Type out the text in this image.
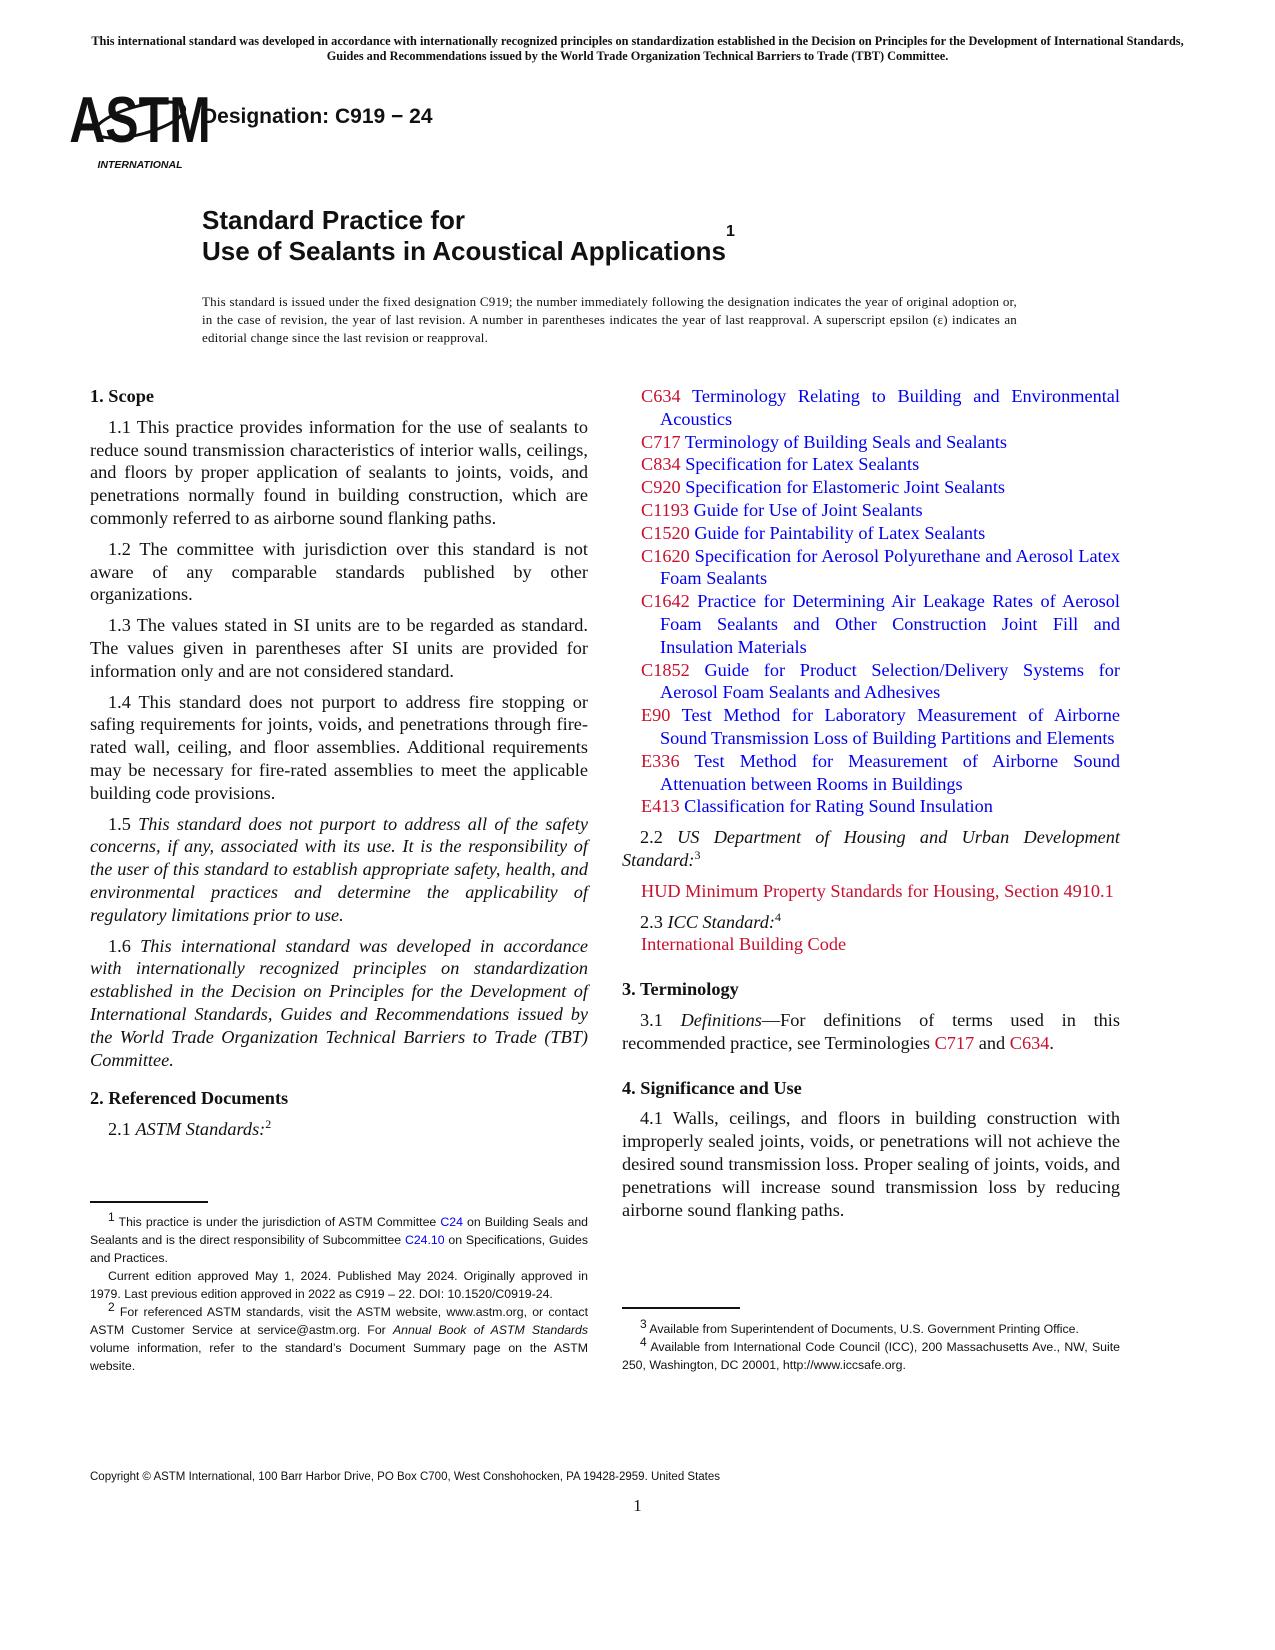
This international standard was developed in accordance with internationally recognized principles on standardization established in the Decision on Principles for the Development of International Standards, Guides and Recommendations issued by the World Trade Organization Technical Barriers to Trade (TBT) Committee.
ASTM
INTERNATIONAL
Designation: C919 − 24
Standard Practice for
Use of Sealants in Acoustical Applications$^1$
This standard is issued under the fixed designation C919; the number immediately following the designation indicates the year of original adoption or, in the case of revision, the year of last revision. A number in parentheses indicates the year of last reapproval. A superscript epsilon (ε) indicates an editorial change since the last revision or reapproval.
1. Scope

1.1 This practice provides information for the use of sealants to reduce sound transmission characteristics of interior walls, ceilings, and floors by proper application of sealants to joints, voids, and penetrations normally found in building construction, which are commonly referred to as airborne sound flanking paths.

1.2 The committee with jurisdiction over this standard is not aware of any comparable standards published by other organizations.

1.3 The values stated in SI units are to be regarded as standard. The values given in parentheses after SI units are provided for information only and are not considered standard.

1.4 This standard does not purport to address fire stopping or safing requirements for joints, voids, and penetrations through fire-rated wall, ceiling, and floor assemblies. Additional requirements may be necessary for fire-rated assemblies to meet the applicable building code provisions.

1.5 This standard does not purport to address all of the safety concerns, if any, associated with its use. It is the responsibility of the user of this standard to establish appropriate safety, health, and environmental practices and determine the applicability of regulatory limitations prior to use.

1.6 This international standard was developed in accordance with internationally recognized principles on standardization established in the Decision on Principles for the Development of International Standards, Guides and Recommendations issued by the World Trade Organization Technical Barriers to Trade (TBT) Committee.

2. Referenced Documents

2.1 ASTM Standards:$^2$

$^1$ This practice is under the jurisdiction of ASTM Committee C24 on Building Seals and Sealants and is the direct responsibility of Subcommittee C24.10 on Specifications, Guides and Practices.

Current edition approved May 1, 2024. Published May 2024. Originally approved in 1979. Last previous edition approved in 2022 as C919 – 22. DOI: 10.1520/C0919-24.

$^2$ For referenced ASTM standards, visit the ASTM website, www.astm.org, or contact ASTM Customer Service at service@astm.org. For Annual Book of ASTM Standards volume information, refer to the standard’s Document Summary page on the ASTM website.

C634 Terminology Relating to Building and Environmental Acoustics
C717 Terminology of Building Seals and Sealants
C834 Specification for Latex Sealants
C920 Specification for Elastomeric Joint Sealants
C1193 Guide for Use of Joint Sealants
C1520 Guide for Paintability of Latex Sealants
C1620 Specification for Aerosol Polyurethane and Aerosol Latex Foam Sealants
C1642 Practice for Determining Air Leakage Rates of Aerosol Foam Sealants and Other Construction Joint Fill and Insulation Materials
C1852 Guide for Product Selection/Delivery Systems for Aerosol Foam Sealants and Adhesives
E90 Test Method for Laboratory Measurement of Airborne Sound Transmission Loss of Building Partitions and Elements
E336 Test Method for Measurement of Airborne Sound Attenuation between Rooms in Buildings
E413 Classification for Rating Sound Insulation

2.2 US Department of Housing and Urban Development Standard:$^3$

HUD Minimum Property Standards for Housing, Section 4910.1

2.3 ICC Standard:$^4$

International Building Code
3. Terminology

3.1 Definitions—For definitions of terms used in this recommended practice, see Terminologies C717 and C634.

4. Significance and Use

4.1 Walls, ceilings, and floors in building construction with improperly sealed joints, voids, or penetrations will not achieve the desired sound transmission loss. Proper sealing of joints, voids, and penetrations will increase sound transmission loss by reducing airborne sound flanking paths.

$^3$ Available from Superintendent of Documents, U.S. Government Printing Office.

$^4$ Available from International Code Council (ICC), 200 Massachusetts Ave., NW, Suite 250, Washington, DC 20001, http://www.iccsafe.org.

Copyright © ASTM International, 100 Barr Harbor Drive, PO Box C700, West Conshohocken, PA 19428-2959. United States
1
